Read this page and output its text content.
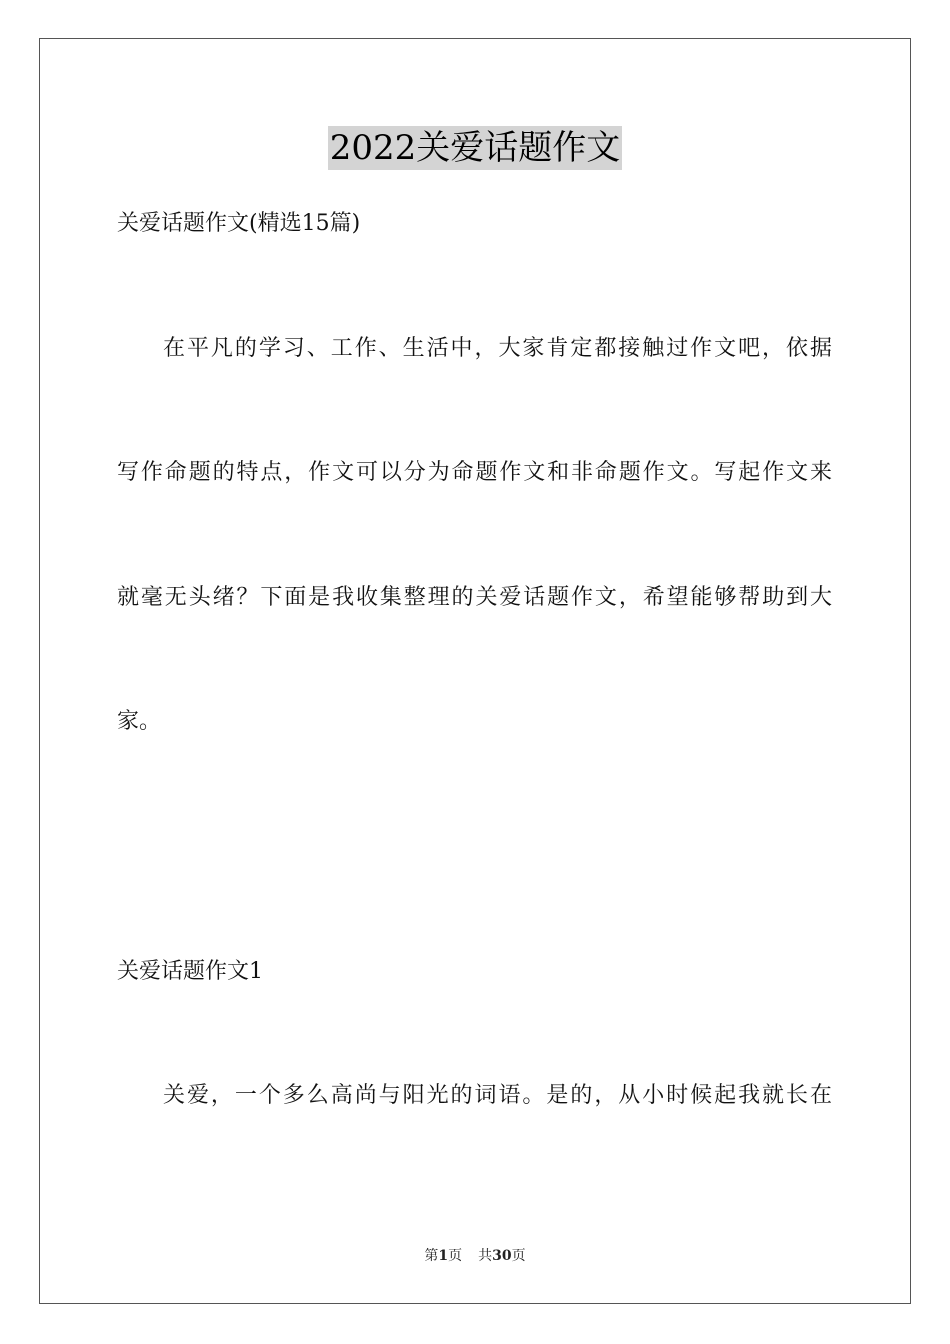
2022关爱话题作文
关爱话题作文(精选15篇)
在平凡的学习、工作、生活中，大家肯定都接触过作文吧，依据
写作命题的特点，作文可以分为命题作文和非命题作文。写起作文来
就毫无头绪？下面是我收集整理的关爱话题作文，希望能够帮助到大
家。
关爱话题作文1
关爱，一个多么高尚与阳光的词语。是的，从小时候起我就长在
第1页 共30页
